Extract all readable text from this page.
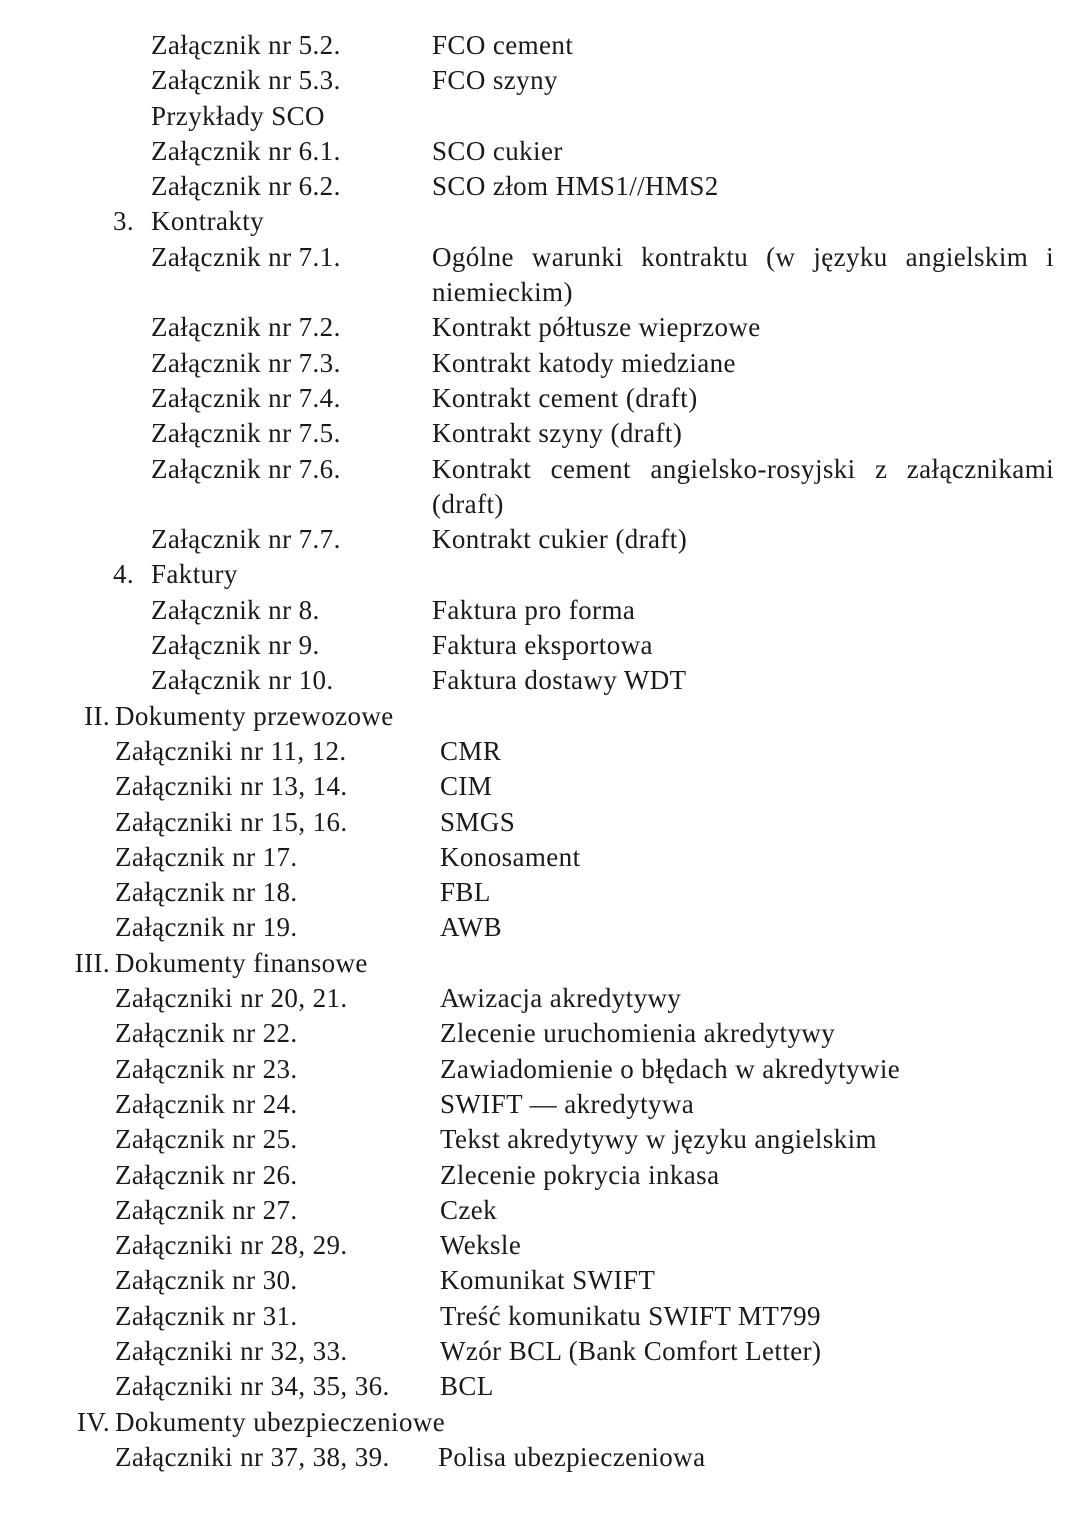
Załącznik nr 5.2.	FCO cement
Załącznik nr 5.3.	FCO szyny
Przykłady SCO
Załącznik nr 6.1.	SCO cukier
Załącznik nr 6.2.	SCO złom HMS1//HMS2
3. Kontrakty
Załącznik nr 7.1.	Ogólne warunki kontraktu (w języku angielskim i niemieckim)
Załącznik nr 7.2.	Kontrakt półtusze wieprzowe
Załącznik nr 7.3.	Kontrakt katody miedziane
Załącznik nr 7.4.	Kontrakt cement (draft)
Załącznik nr 7.5.	Kontrakt szyny (draft)
Załącznik nr 7.6.	Kontrakt cement angielsko-rosyjski z załącznikami (draft)
Załącznik nr 7.7.	Kontrakt cukier (draft)
4. Faktury
Załącznik nr 8.	Faktura pro forma
Załącznik nr 9.	Faktura eksportowa
Załącznik nr 10.	Faktura dostawy WDT
II. Dokumenty przewozowe
Załączniki nr 11, 12.	CMR
Załączniki nr 13, 14.	CIM
Załączniki nr 15, 16.	SMGS
Załącznik nr 17.	Konosament
Załącznik nr 18.	FBL
Załącznik nr 19.	AWB
III. Dokumenty finansowe
Załączniki nr 20, 21.	Awizacja akredytywy
Załącznik nr 22.	Zlecenie uruchomienia akredytywy
Załącznik nr 23.	Zawiadomienie o błędach w akredytywie
Załącznik nr 24.	SWIFT — akredytywa
Załącznik nr 25.	Tekst akredytywy w języku angielskim
Załącznik nr 26.	Zlecenie pokrycia inkasa
Załącznik nr 27.	Czek
Załączniki nr 28, 29.	Weksle
Załącznik nr 30.	Komunikat SWIFT
Załącznik nr 31.	Treść komunikatu SWIFT MT799
Załączniki nr 32, 33.	Wzór BCL (Bank Comfort Letter)
Załączniki nr 34, 35, 36. BCL
IV. Dokumenty ubezpieczeniowe
Załączniki nr 37, 38, 39. Polisa ubezpieczeniowa
